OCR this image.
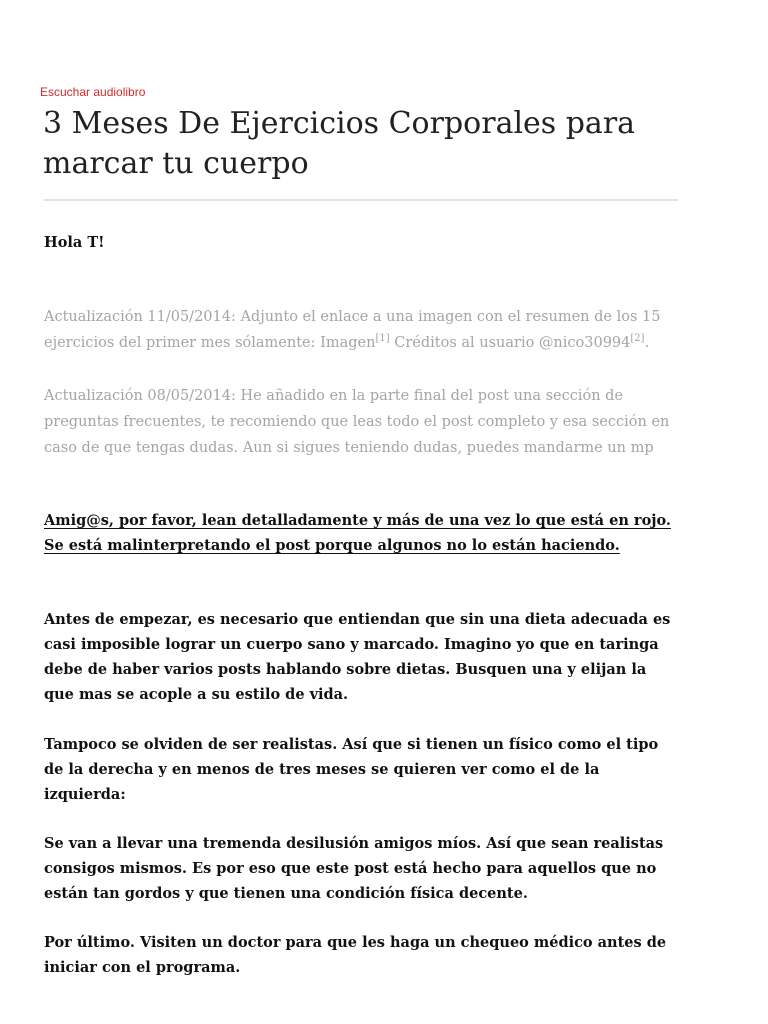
Escuchar audiolibro
3 Meses De Ejercicios Corporales para marcar tu cuerpo

Hola T!

Actualización 11/05/2014: Adjunto el enlace a una imagen con el resumen de los 15 ejercicios del primer mes sólamente: Imagen[1] Créditos al usuario @nico30994[2].

Actualización 08/05/2014: He añadido en la parte final del post una sección de preguntas frecuentes, te recomiendo que leas todo el post completo y esa sección en caso de que tengas dudas. Aun si sigues teniendo dudas, puedes mandarme un mp

Amig@s, por favor, lean detalladamente y más de una vez lo que está en rojo. Se está malinterpretando el post porque algunos no lo están haciendo.

Antes de empezar, es necesario que entiendan que sin una dieta adecuada es casi imposible lograr un cuerpo sano y marcado. Imagino yo que en taringa debe de haber varios posts hablando sobre dietas. Busquen una y elijan la que mas se acople a su estilo de vida.

Tampoco se olviden de ser realistas. Así que si tienen un físico como el tipo de la derecha y en menos de tres meses se quieren ver como el de la izquierda:

Se van a llevar una tremenda desilusión amigos míos. Así que sean realistas consigos mismos. Es por eso que este post está hecho para aquellos que no están tan gordos y que tienen una condición física decente.

Por último. Visiten un doctor para que les haga un chequeo médico antes de iniciar con el programa.
